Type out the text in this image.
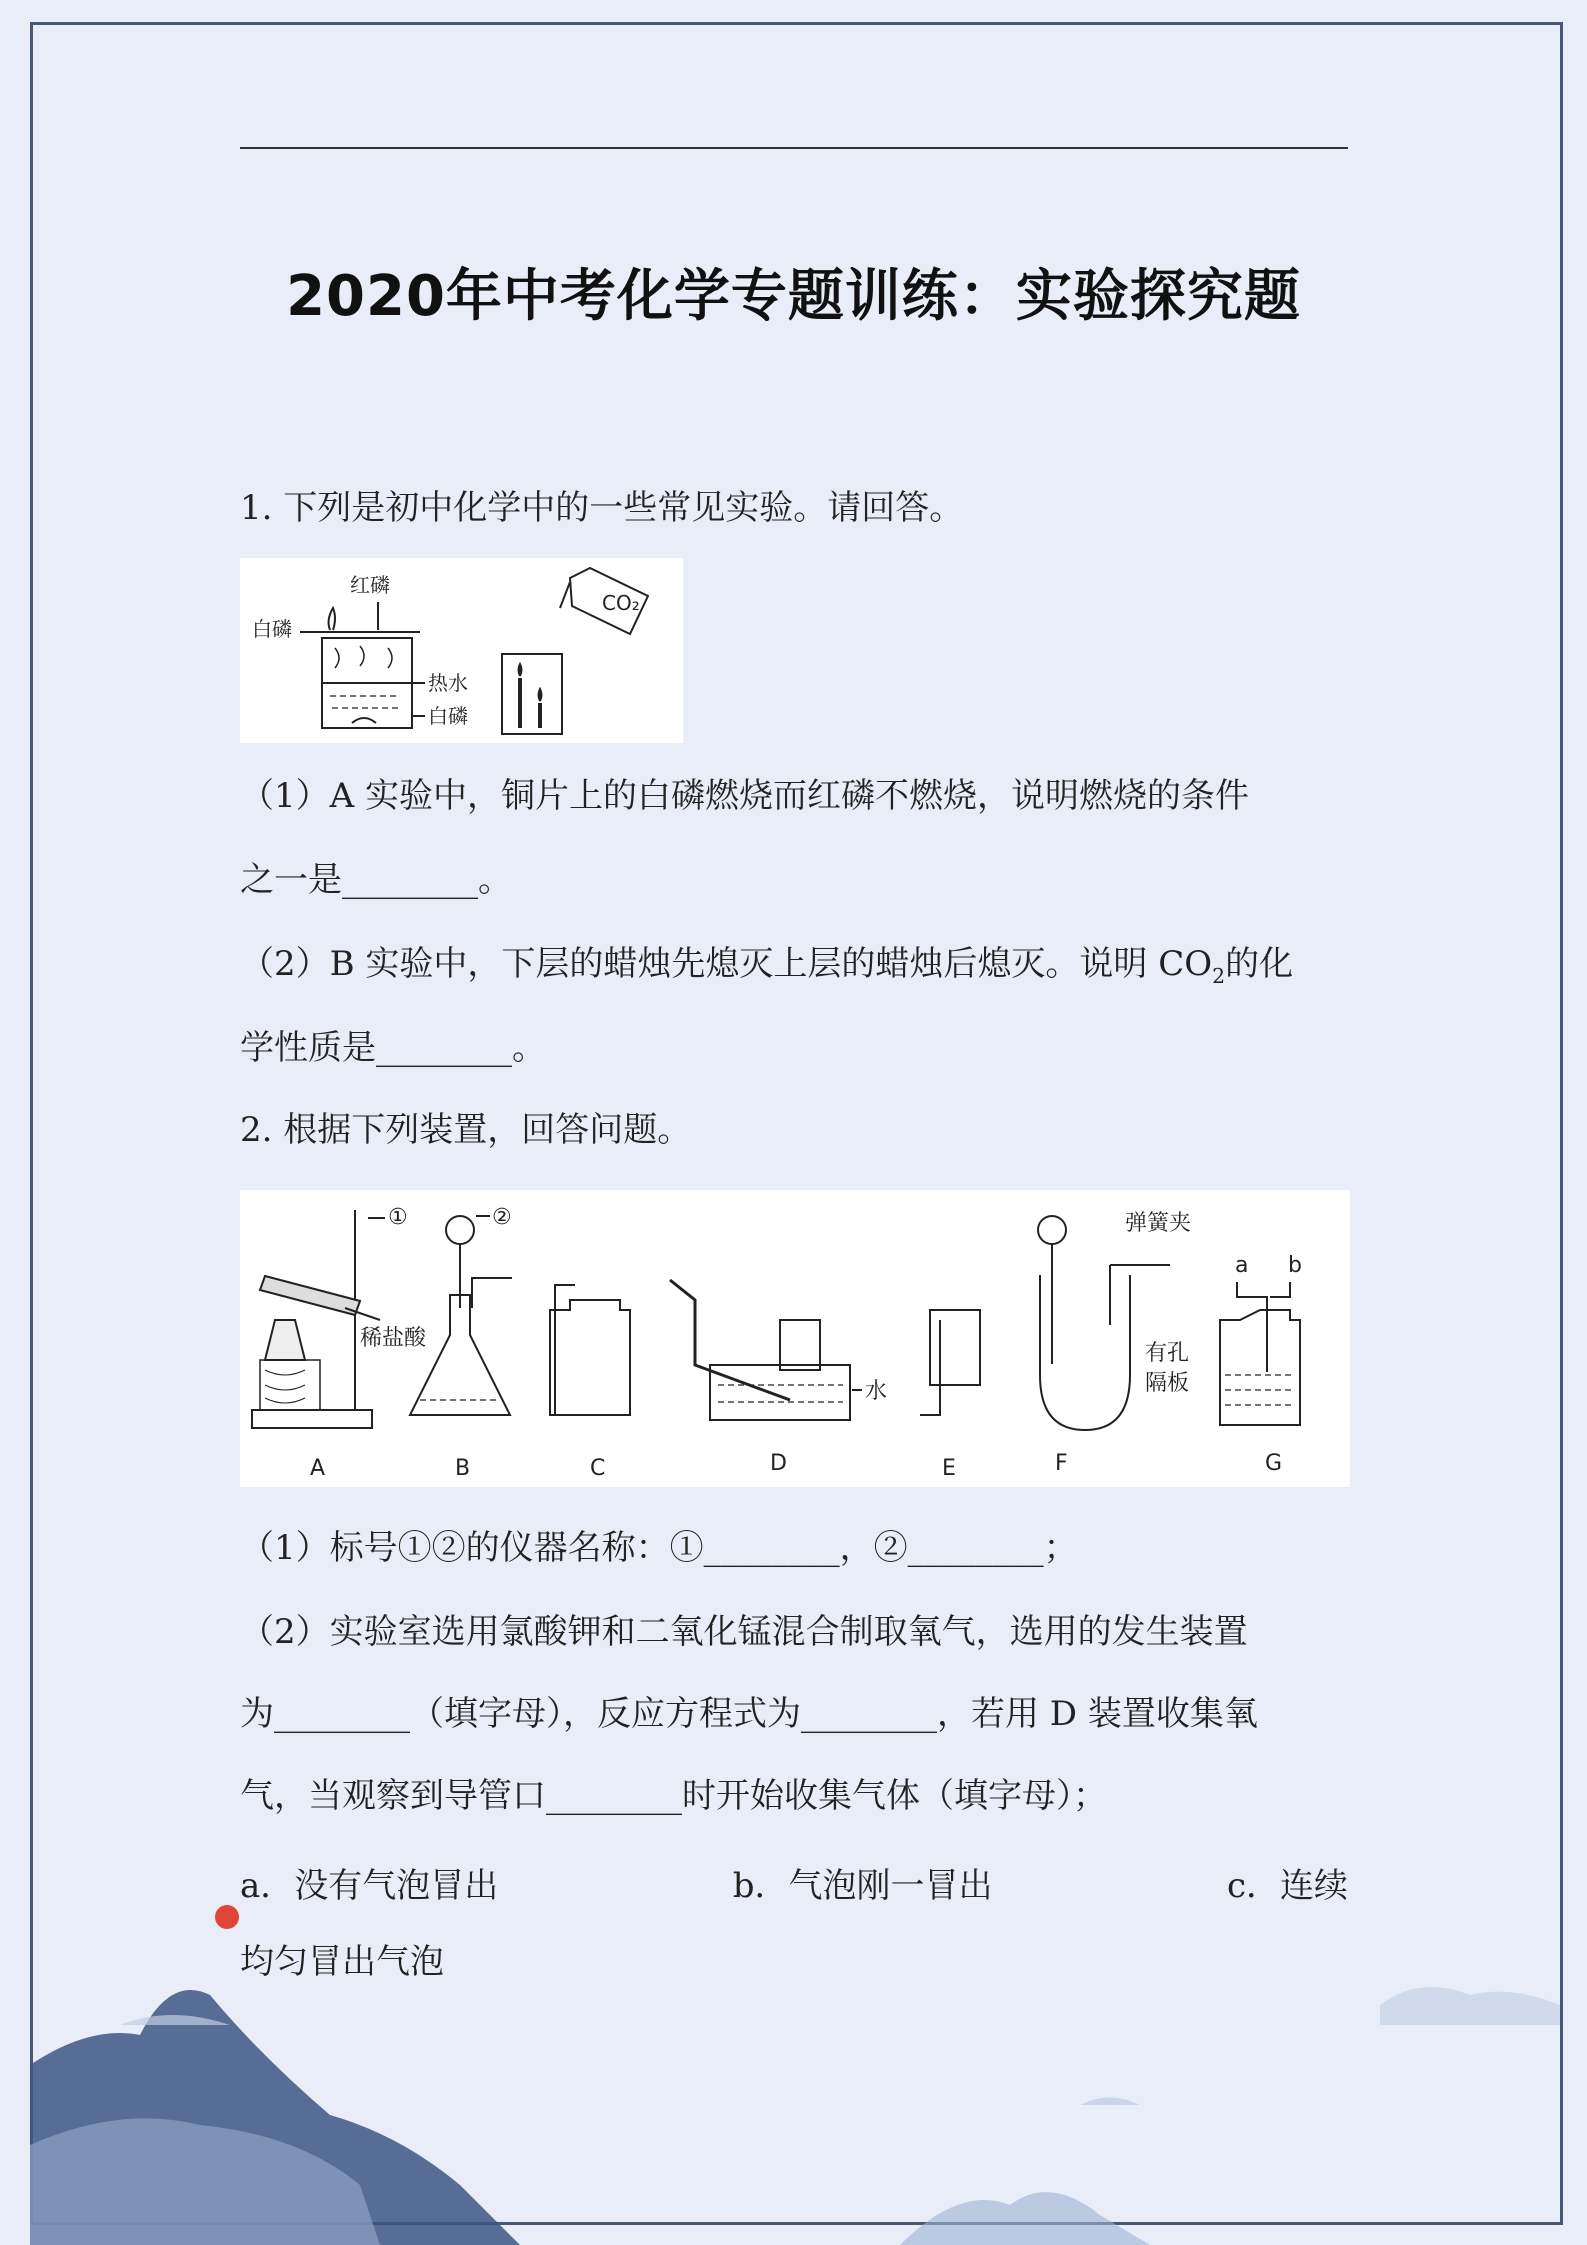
2020年中考化学专题训练：实验探究题
1. 下列是初中化学中的一些常见实验。请回答。
红磷
白磷
热水
白磷
CO₂
（1）A 实验中，铜片上的白磷燃烧而红磷不燃烧，说明燃烧的条件
之一是________。
（2）B 实验中，下层的蜡烛先熄灭上层的蜡烛后熄灭。说明 $CO_2$的化
学性质是________。
2. 根据下列装置，回答问题。
①
A
②
稀盐酸
B	C
水
D	E
弹簧夹
有孔
隔板
F
a b
G
（1）标号①②的仪器名称：①________，②________；
（2）实验室选用氯酸钾和二氧化锰混合制取氧气，选用的发生装置
为________（填字母），反应方程式为________，若用 D 装置收集氧
气，当观察到导管口________时开始收集气体（填字母）；
a．没有气泡冒出	b．气泡刚一冒出	c．连续
均匀冒出气泡
